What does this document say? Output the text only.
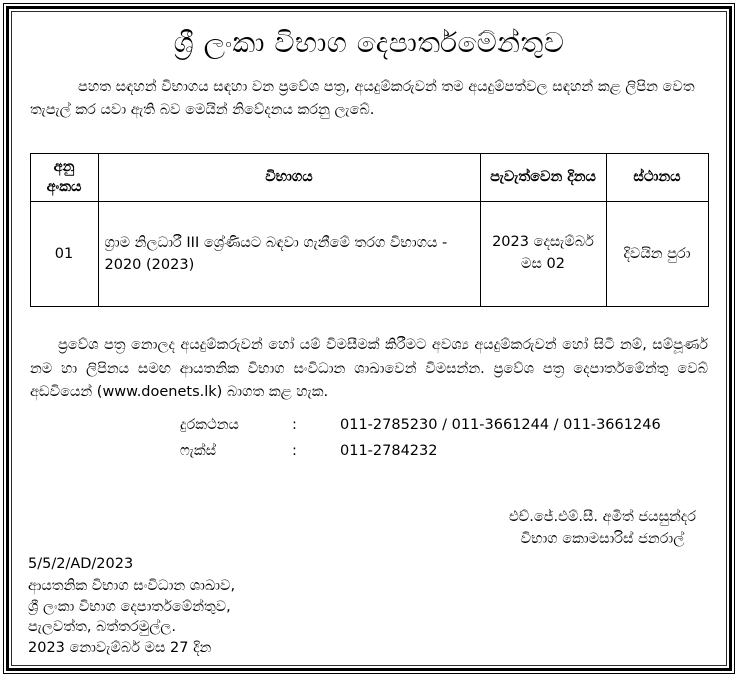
ශ්‍රී ලංකා විභාග දෙපාර්තමේන්තුව

පහත සඳහන් විභාගය සඳහා වන ප්‍රවේශ පත්‍ර, අයදුම්කරුවන් තම අයදුම්පත්වල සඳහන් කළ ලිපින වෙත තැපැල් කර යවා ඇති බව මෙයින් නිවේදනය කරනු ලැබේ.

අනු අංකය	විභාගය	පැවැත්වෙන දිනය	ස්ථානය
01	ග්‍රාම නිලධාරී III ශ්‍රේණියට බඳවා ගැනීමේ තරග විභාගය - 2020 (2023)	2023 දෙසැම්බර් මස 02	දිවයින පුරා

ප්‍රවේශ පත්‍ර නොලද අයදුම්කරුවන් හෝ යම් විමසීමක් කිරීමට අවශ්‍ය අයදුම්කරුවන් හෝ සිටී නම්, සම්පූර්ණ නම හා ලිපිනය සමඟ ආයතනික විභාග සංවිධාන ශාඛාවෙන් විමසන්න. ප්‍රවේශ පත්‍ර දෙපාර්තමේන්තු වෙබ් අඩවියෙන් (www.doenets.lk) බාගත කළ හැක.

දුරකථනය	:	011-2785230 / 011-3661244 / 011-3661246
ෆැක්ස්	:	011-2784232
එච්.ජේ.එම්.සී. අමිත් ජයසුන්දර
විභාග කොමසාරිස් ජනරාල්
5/5/2/AD/2023
ආයතනික විභාග සංවිධාන ශාඛාව,
ශ්‍රී ලංකා විභාග දෙපාර්තමේන්තුව,
පැලවත්ත, බත්තරමුල්ල.
2023 නොවැම්බර් මස 27 දින
